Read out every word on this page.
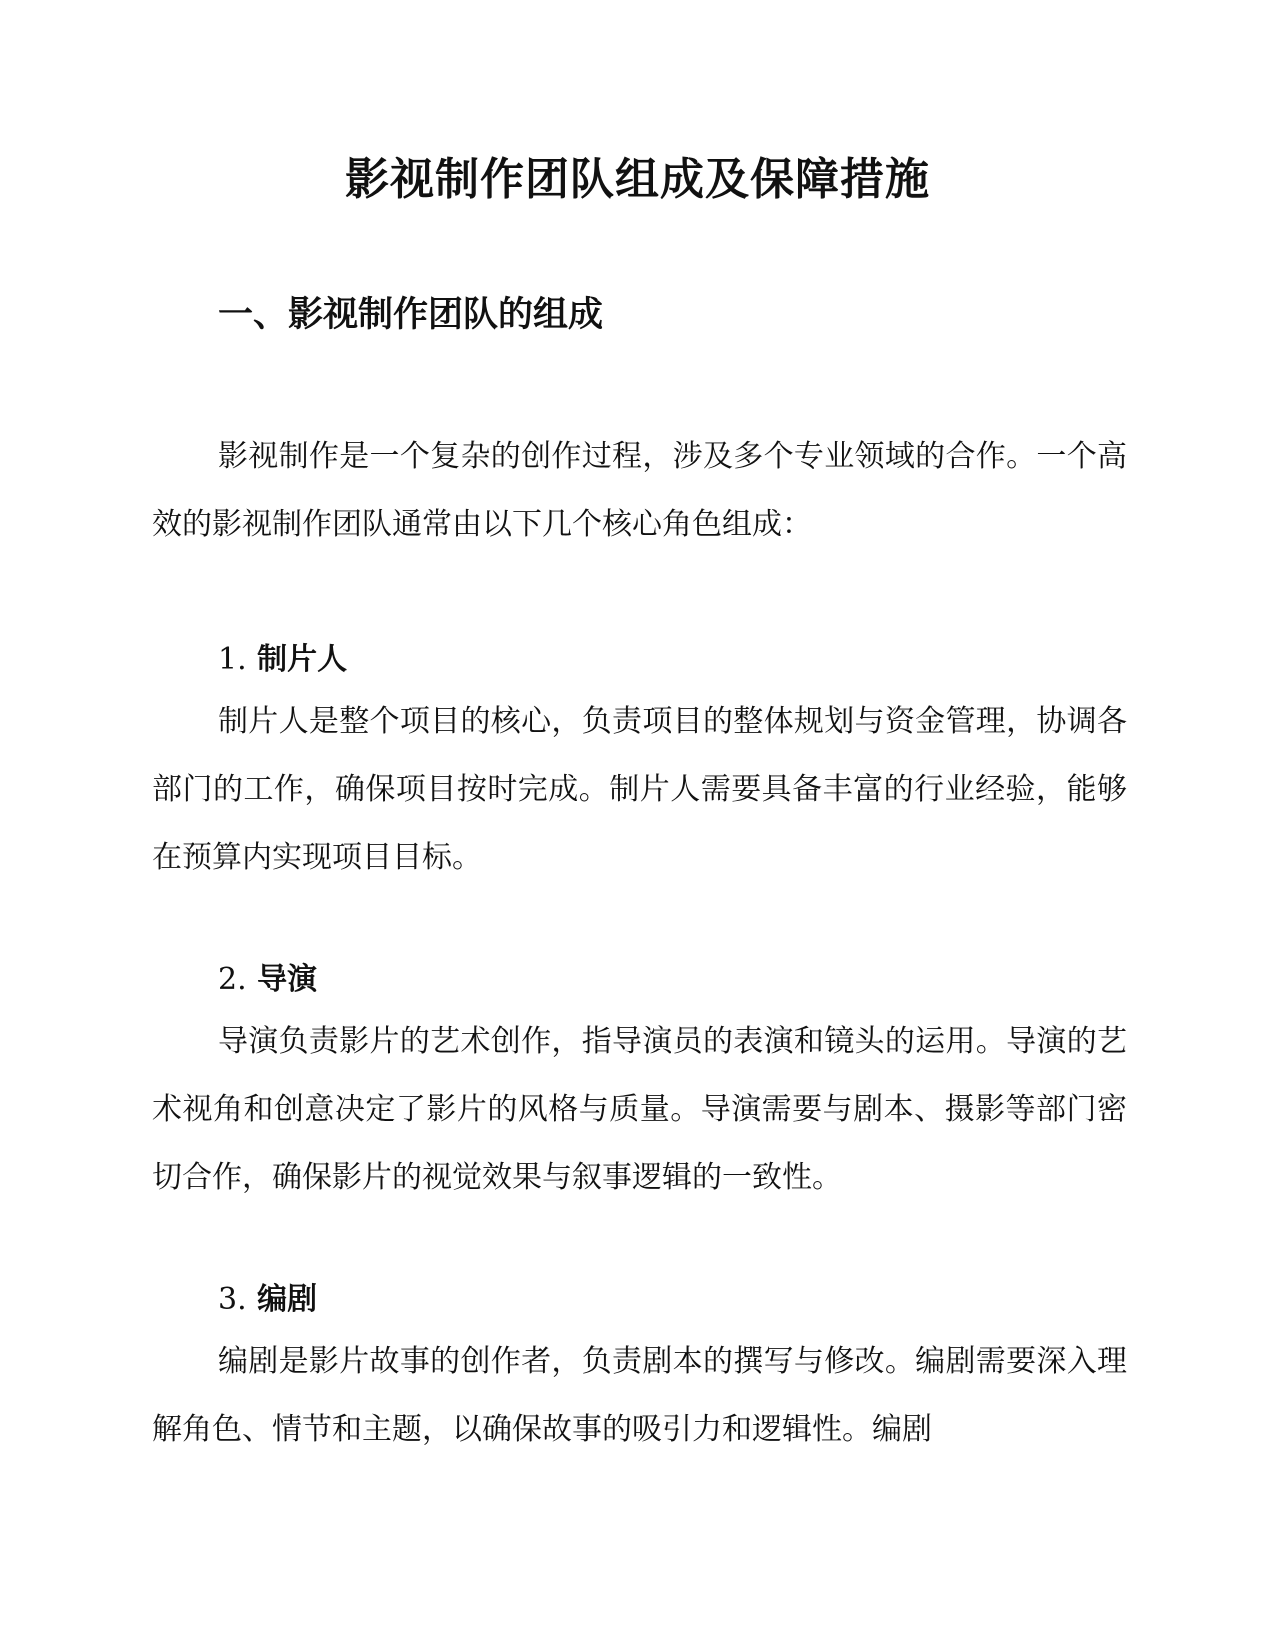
影视制作团队组成及保障措施
一、影视制作团队的组成

影视制作是一个复杂的创作过程，涉及多个专业领域的合作。一个高效的影视制作团队通常由以下几个核心角色组成：

1. 制片人

制片人是整个项目的核心，负责项目的整体规划与资金管理，协调各部门的工作，确保项目按时完成。制片人需要具备丰富的行业经验，能够在预算内实现项目目标。

2. 导演

导演负责影片的艺术创作，指导演员的表演和镜头的运用。导演的艺术视角和创意决定了影片的风格与质量。导演需要与剧本、摄影等部门密切合作，确保影片的视觉效果与叙事逻辑的一致性。

3. 编剧

编剧是影片故事的创作者，负责剧本的撰写与修改。编剧需要深入理解角色、情节和主题，以确保故事的吸引力和逻辑性。编剧
